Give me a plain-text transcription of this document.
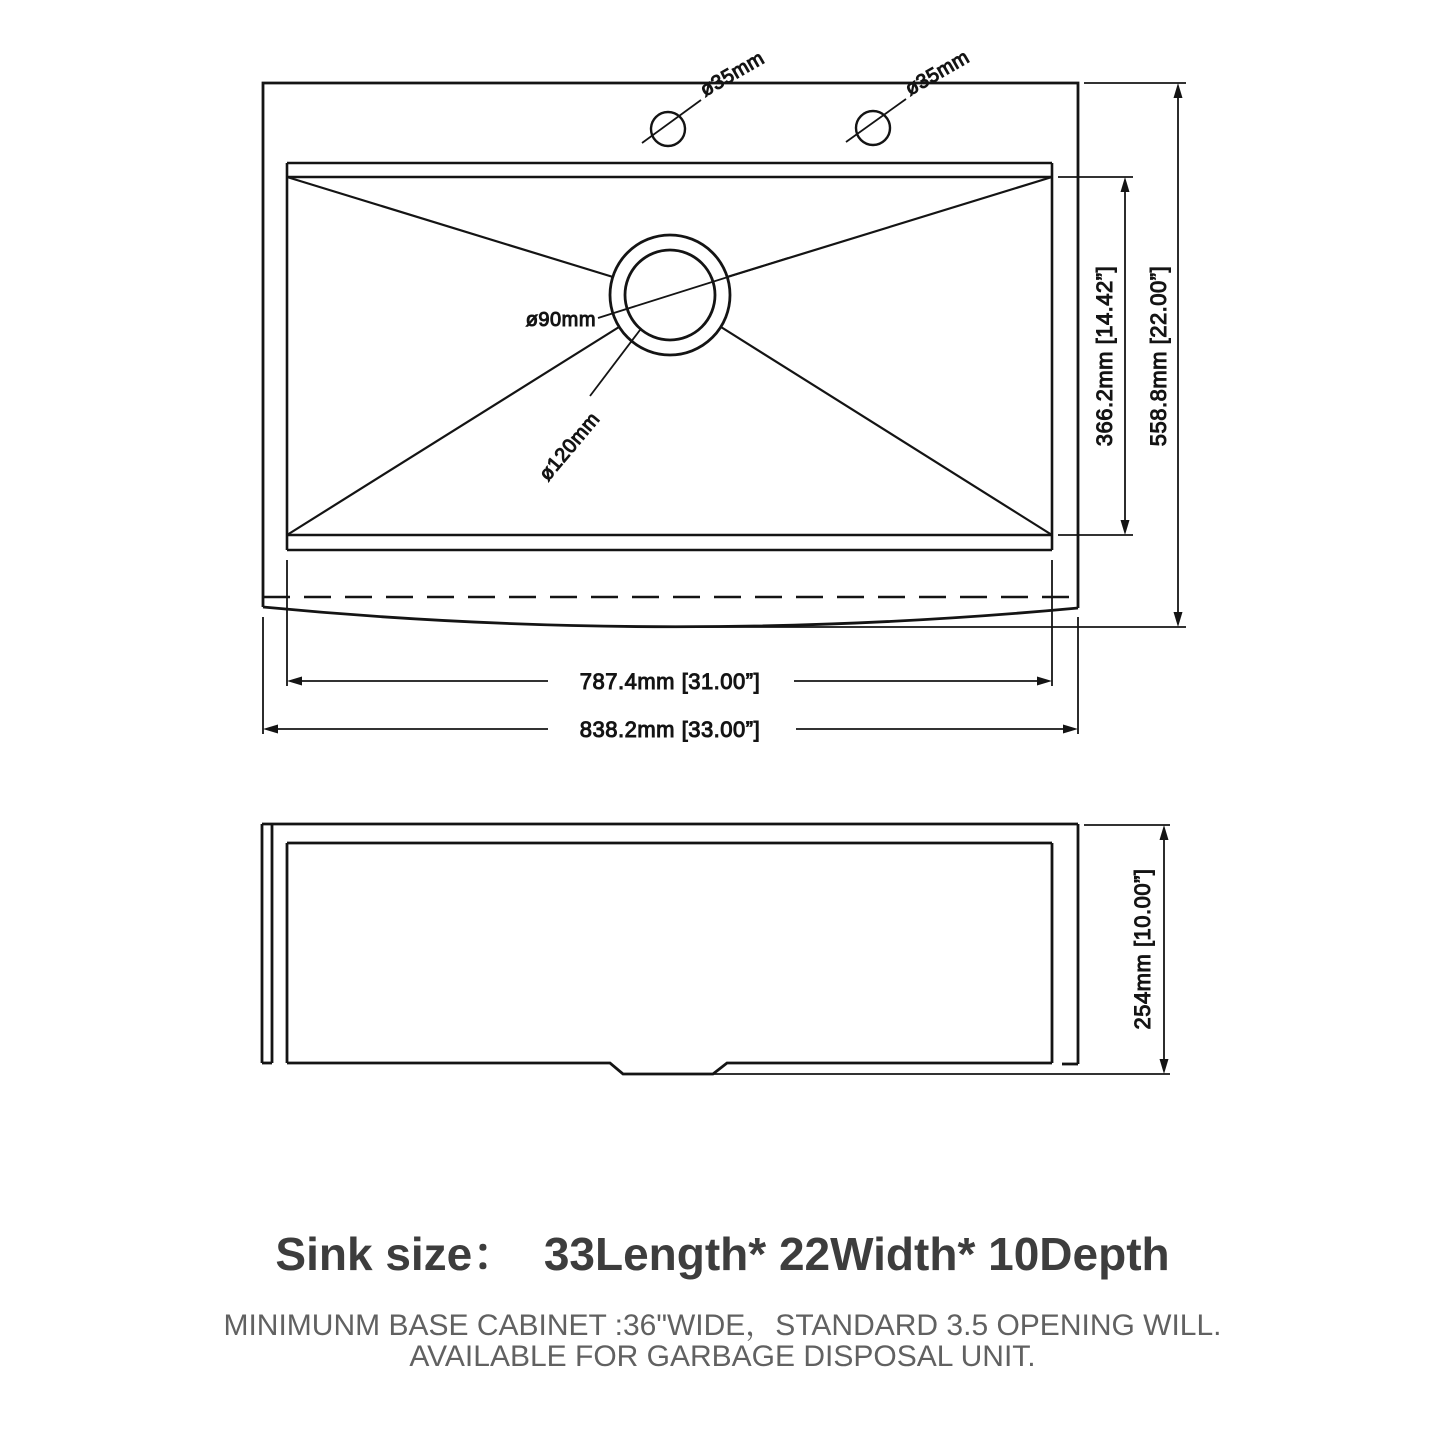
ø90mm
ø120mm
ø35mm	ø35mm
366.2mm [14.42”] 558.8mm [22.00”]
787.4mm [31.00”]
838.2mm [33.00”]
254mm [10.00”]
Sink size：  33Length* 22Width* 10Depth
MINIMUNM BASE CABINET :36"WIDE，STANDARD 3.5 OPENING WILL.
AVAILABLE FOR GARBAGE DISPOSAL UNIT.
